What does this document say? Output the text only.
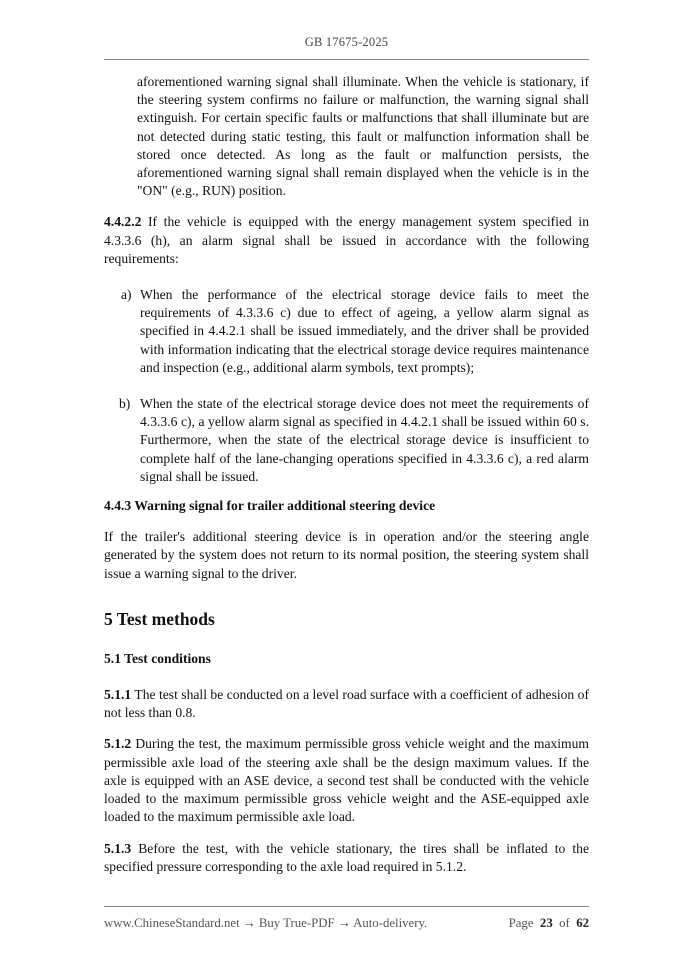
GB 17675-2025

aforementioned warning signal shall illuminate. When the vehicle is stationary, if the steering system confirms no failure or malfunction, the warning signal shall extinguish. For certain specific faults or malfunctions that shall illuminate but are not detected during static testing, this fault or malfunction information shall be stored once detected. As long as the fault or malfunction persists, the aforementioned warning signal shall remain displayed when the vehicle is in the "ON" (e.g., RUN) position.

4.4.2.2 If the vehicle is equipped with the energy management system specified in 4.3.3.6 (h), an alarm signal shall be issued in accordance with the following requirements:

a) When the performance of the electrical storage device fails to meet the requirements of 4.3.3.6 c) due to effect of ageing, a yellow alarm signal as specified in 4.4.2.1 shall be issued immediately, and the driver shall be provided with information indicating that the electrical storage device requires maintenance and inspection (e.g., additional alarm symbols, text prompts);

b) When the state of the electrical storage device does not meet the requirements of 4.3.3.6 c), a yellow alarm signal as specified in 4.4.2.1 shall be issued within 60 s. Furthermore, when the state of the electrical storage device is insufficient to complete half of the lane-changing operations specified in 4.3.3.6 c), a red alarm signal shall be issued.

4.4.3 Warning signal for trailer additional steering device

If the trailer's additional steering device is in operation and/or the steering angle generated by the system does not return to its normal position, the steering system shall issue a warning signal to the driver.

5 Test methods
5.1 Test conditions

5.1.1 The test shall be conducted on a level road surface with a coefficient of adhesion of not less than 0.8.

5.1.2 During the test, the maximum permissible gross vehicle weight and the maximum permissible axle load of the steering axle shall be the design maximum values. If the axle is equipped with an ASE device, a second test shall be conducted with the vehicle loaded to the maximum permissible gross vehicle weight and the ASE-equipped axle loaded to the maximum permissible axle load.

5.1.3 Before the test, with the vehicle stationary, the tires shall be inflated to the specified pressure corresponding to the axle load required in 5.1.2.

www.ChineseStandard.net → Buy True-PDF → Auto-delivery.	Page 23 of 62
